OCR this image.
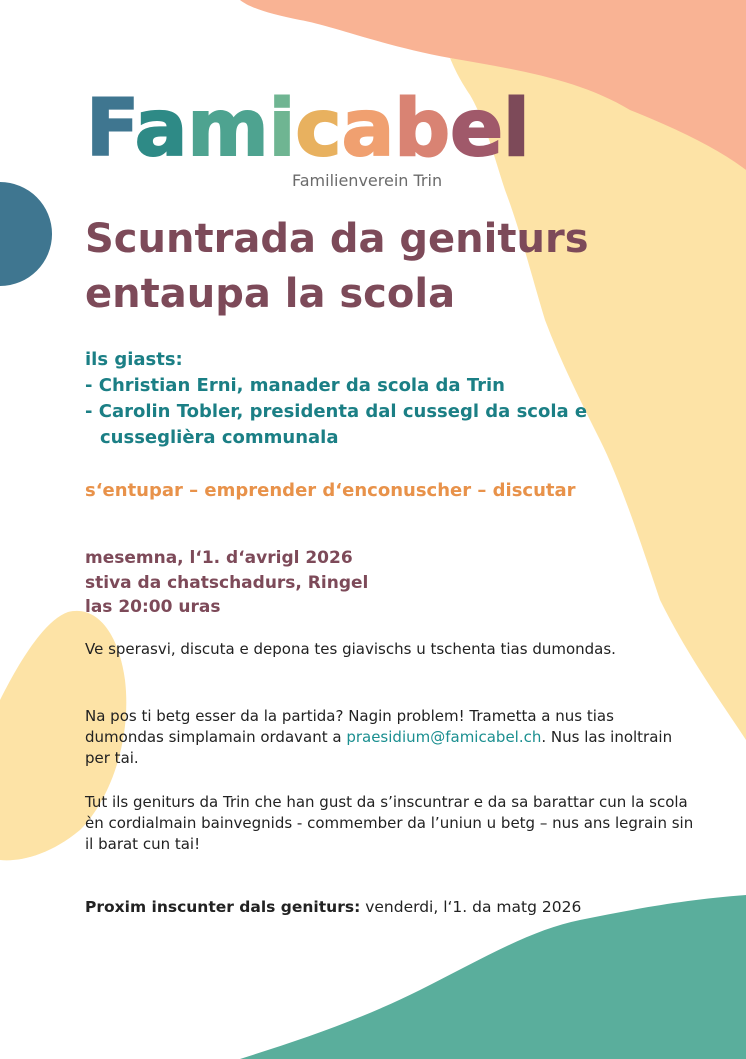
Famicabel
Familienverein Trin
Scuntrada da geniturs
entaupa la scola
ils giasts:
- Christian Erni, manader da scola da Trin
- Carolin Tobler, presidenta dal cussegl da scola e cusseglièra communala
s‘entupar – emprender d‘enconuscher – discutar
mesemna, l‘1. d‘avrigl 2026
stiva da chatschadurs, Ringel
las 20:00 uras

Ve sperasvi, discuta e depona tes giavischs u tschenta tias dumondas.

Na pos ti betg esser da la partida? Nagin problem! Trametta a nus tias dumondas simplamain ordavant a praesidium@famicabel.ch. Nus las inoltrain per tai.

Tut ils geniturs da Trin che han gust da s’inscuntrar e da sa barattar cun la scola èn cordialmain bainvegnids - commember da l’uniun u betg – nus ans legrain sin il barat cun tai!

Proxim inscunter dals geniturs: venderdi, l‘1. da matg 2026
